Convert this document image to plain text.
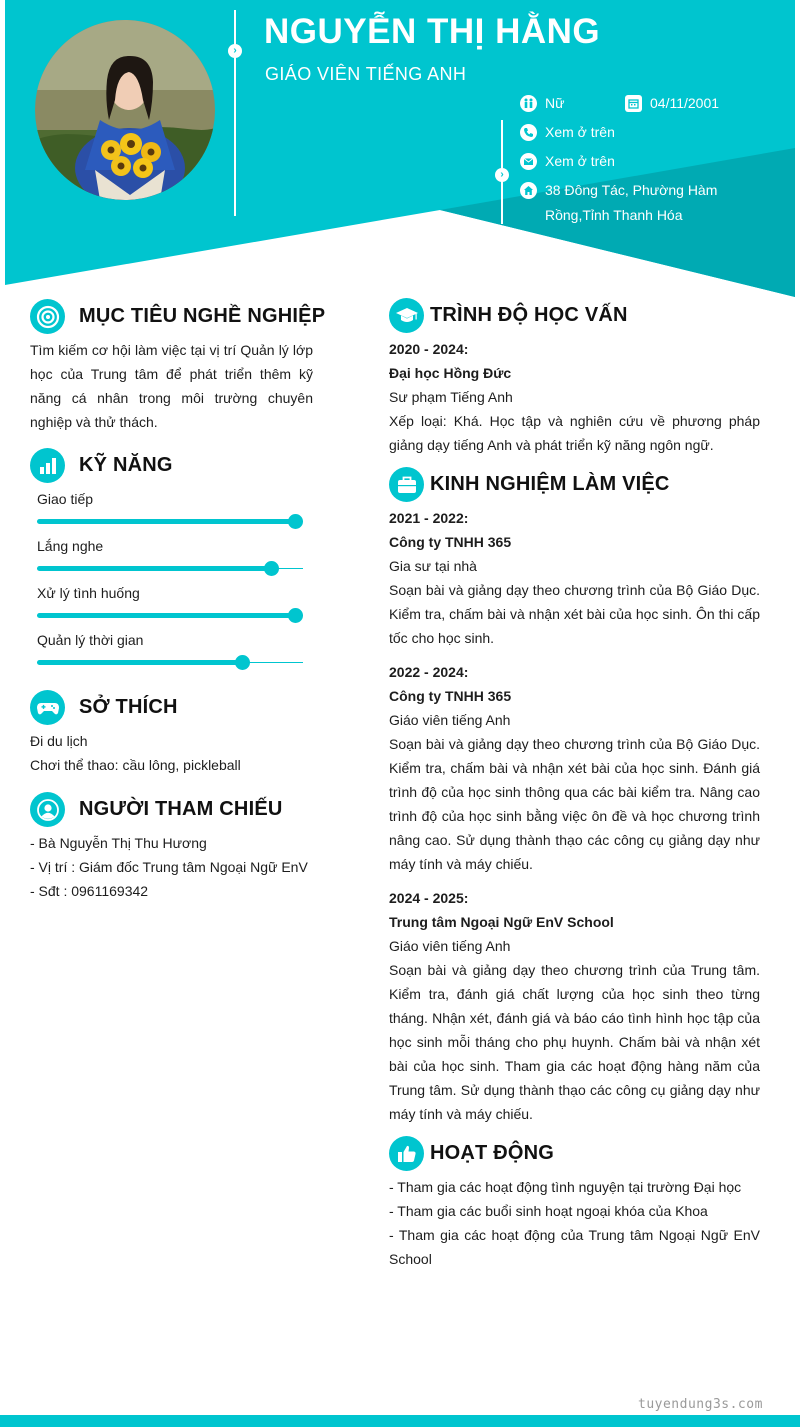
› NGUYỄN THỊ HẰNG
GIÁO VIÊN TIẾNG ANH
›
Nữ	04/11/2001
Xem ở trên
Xem ở trên
38 Đông Tác, Phường Hàm
Rồng,Tỉnh Thanh Hóa
MỤC TIÊU NGHỀ NGHIỆP
Tìm kiếm cơ hội làm việc tại vị trí Quản lý lớp học của Trung tâm để phát triển thêm kỹ năng cá nhân trong môi trường chuyên nghiệp và thử thách.
KỸ NĂNG
Giao tiếp
Lắng nghe
Xử lý tình huống
Quản lý thời gian
SỞ THÍCH
Đi du lịch
Chơi thể thao: cầu lông, pickleball
NGƯỜI THAM CHIẾU
- Bà Nguyễn Thị Thu Hương
- Vị trí : Giám đốc Trung tâm Ngoại Ngữ EnV
- Sđt : 0961169342
TRÌNH ĐỘ HỌC VẤN
2020 - 2024:
Đại học Hồng Đức
Sư phạm Tiếng Anh
Xếp loại: Khá. Học tập và nghiên cứu về phương pháp giảng dạy tiếng Anh và phát triển kỹ năng ngôn ngữ.
KINH NGHIỆM LÀM VIỆC
2021 - 2022:
Công ty TNHH 365
Gia sư tại nhà
Soạn bài và giảng dạy theo chương trình của Bộ Giáo Dục. Kiểm tra, chấm bài và nhận xét bài của học sinh. Ôn thi cấp tốc cho học sinh.
2022 - 2024:
Công ty TNHH 365
Giáo viên tiếng Anh
Soạn bài và giảng dạy theo chương trình của Bộ Giáo Dục. Kiểm tra, chấm bài và nhận xét bài của học sinh. Đánh giá trình độ của học sinh thông qua các bài kiểm tra. Nâng cao trình độ của học sinh bằng việc ôn đề và học chương trình nâng cao. Sử dụng thành thạo các công cụ giảng dạy như máy tính và máy chiếu.
2024 - 2025:
Trung tâm Ngoại Ngữ EnV School
Giáo viên tiếng Anh
Soạn bài và giảng dạy theo chương trình của Trung tâm. Kiểm tra, đánh giá chất lượng của học sinh theo từng tháng. Nhận xét, đánh giá và báo cáo tình hình học tập của học sinh mỗi tháng cho phụ huynh. Chấm bài và nhận xét bài của học sinh. Tham gia các hoạt động hàng năm của Trung tâm. Sử dụng thành thạo các công cụ giảng dạy như máy tính và máy chiếu.
HOẠT ĐỘNG
- Tham gia các hoạt động tình nguyện tại trường Đại học
- Tham gia các buổi sinh hoạt ngoại khóa của Khoa
- Tham gia các hoạt động của Trung tâm Ngoại Ngữ EnV School
tuyendung3s.com
